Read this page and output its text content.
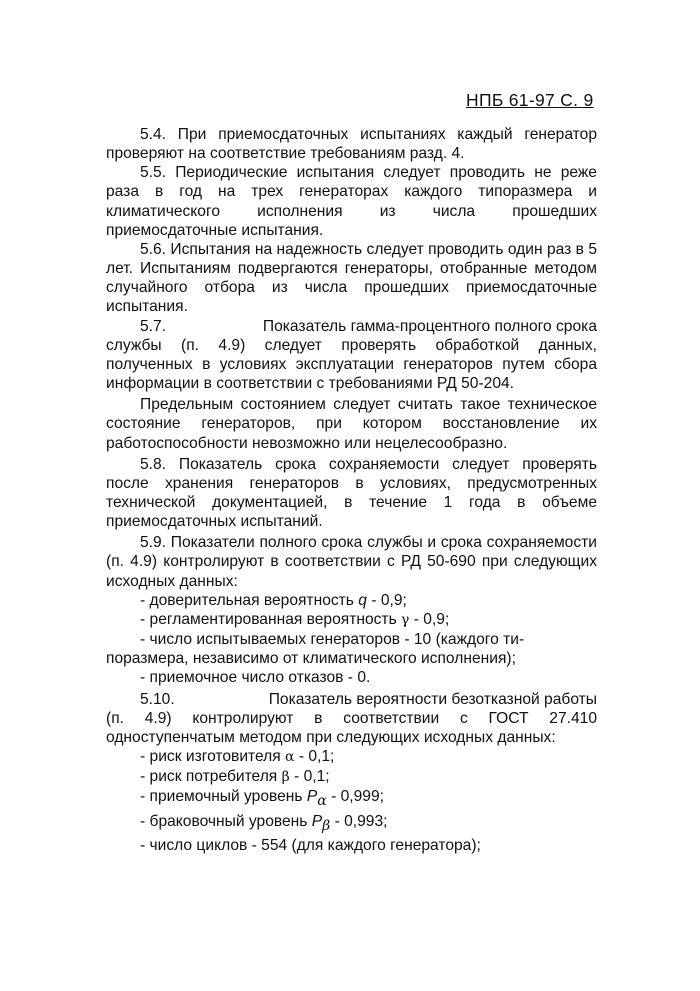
НПБ 61-97 С. 9

5.4. При приемосдаточных испытаниях каждый генератор проверяют на соответствие требованиям разд. 4.

5.5. Периодические испытания следует проводить не реже раза в год на трех генераторах каждого типоразмера и климатического исполнения из числа прошедших приемосдаточные испытания.

5.6. Испытания на надежность следует проводить один раз в 5 лет. Испытаниям подвергаются генераторы, отобранные методом случайного отбора из числа прошедших приемосдаточные испытания.

5.7.	Показатель гамма-процентного полного срока

службы (п. 4.9) следует проверять обработкой данных, полученных в условиях эксплуатации генераторов путем сбора информации в соответствии с требованиями РД 50-204.

Предельным состоянием следует считать такое техническое состояние генераторов, при котором восстановление их работоспособности невозможно или нецелесообразно.

5.8. Показатель срока сохраняемости следует проверять после хранения генераторов в условиях, предусмотренных технической документацией, в течение 1 года в объеме приемосдаточных испытаний.

5.9. Показатели полного срока службы и срока сохраняемости (п. 4.9) контролируют в соответствии с РД 50-690 при следующих исходных данных:

- доверительная вероятность q - 0,9;

- регламентированная вероятность γ - 0,9;

- число испытываемых генераторов - 10 (каждого ти-

поразмера, независимо от климатического исполнения);

- приемочное число отказов - 0.

5.10.	Показатель вероятности безотказной работы

(п. 4.9) контролируют в соответствии с ГОСТ 27.410 одноступенчатым методом при следующих исходных данных:

- риск изготовителя α - 0,1;

- риск потребителя β - 0,1;

- приемочный уровень $P_\alpha - 0,999$;

- браковочный уровень $P_\beta - 0,993$;

- число циклов - 554 (для каждого генератора);
